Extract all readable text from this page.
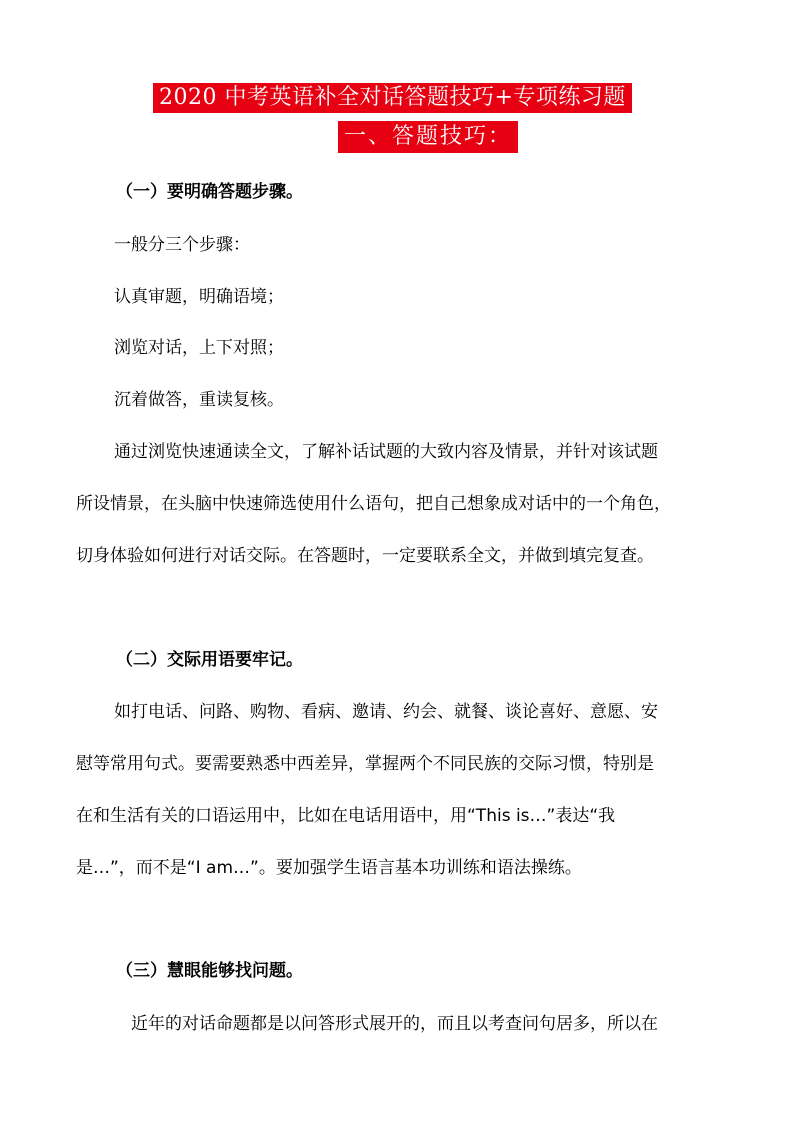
2020 中考英语补全对话答题技巧+专项练习题
一、答题技巧：
（一）要明确答题步骤。
一般分三个步骤：
认真审题，明确语境；
浏览对话，上下对照；
沉着做答，重读复核。
通过浏览快速通读全文，了解补话试题的大致内容及情景，并针对该试题
所设情景，在头脑中快速筛选使用什么语句，把自己想象成对话中的一个角色，
切身体验如何进行对话交际。在答题时，一定要联系全文，并做到填完复查。
（二）交际用语要牢记。
如打电话、问路、购物、看病、邀请、约会、就餐、谈论喜好、意愿、安
慰等常用句式。要需要熟悉中西差异，掌握两个不同民族的交际习惯，特别是
在和生活有关的口语运用中，比如在电话用语中，用“This is…”表达“我
是…”，而不是“I am…”。要加强学生语言基本功训练和语法操练。
（三）慧眼能够找问题。
近年的对话命题都是以问答形式展开的，而且以考查问句居多，所以在
